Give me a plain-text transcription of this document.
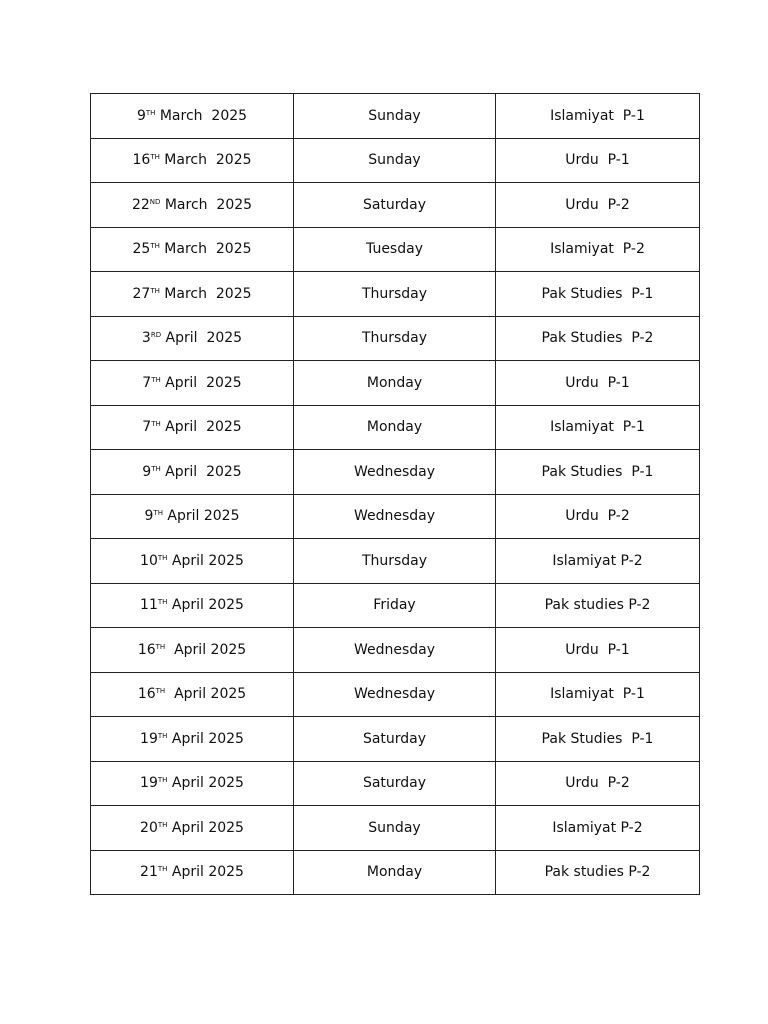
9TH March  2025	Sunday	Islamiyat  P-1
16TH March  2025	Sunday	Urdu  P-1
22ND March  2025	Saturday	Urdu  P-2
25TH March  2025	Tuesday	Islamiyat  P-2
27TH March  2025	Thursday	Pak Studies  P-1
3RD April  2025	Thursday	Pak Studies  P-2
7TH April  2025	Monday	Urdu  P-1
7TH April  2025	Monday	Islamiyat  P-1
9TH April  2025	Wednesday	Pak Studies  P-1
9TH April 2025	Wednesday	Urdu  P-2
10TH April 2025	Thursday	Islamiyat P-2
11TH April 2025	Friday	Pak studies P-2
16TH  April 2025	Wednesday	Urdu  P-1
16TH  April 2025	Wednesday	Islamiyat  P-1
19TH April 2025	Saturday	Pak Studies  P-1
19TH April 2025	Saturday	Urdu  P-2
20TH April 2025	Sunday	Islamiyat P-2
21TH April 2025	Monday	Pak studies P-2
